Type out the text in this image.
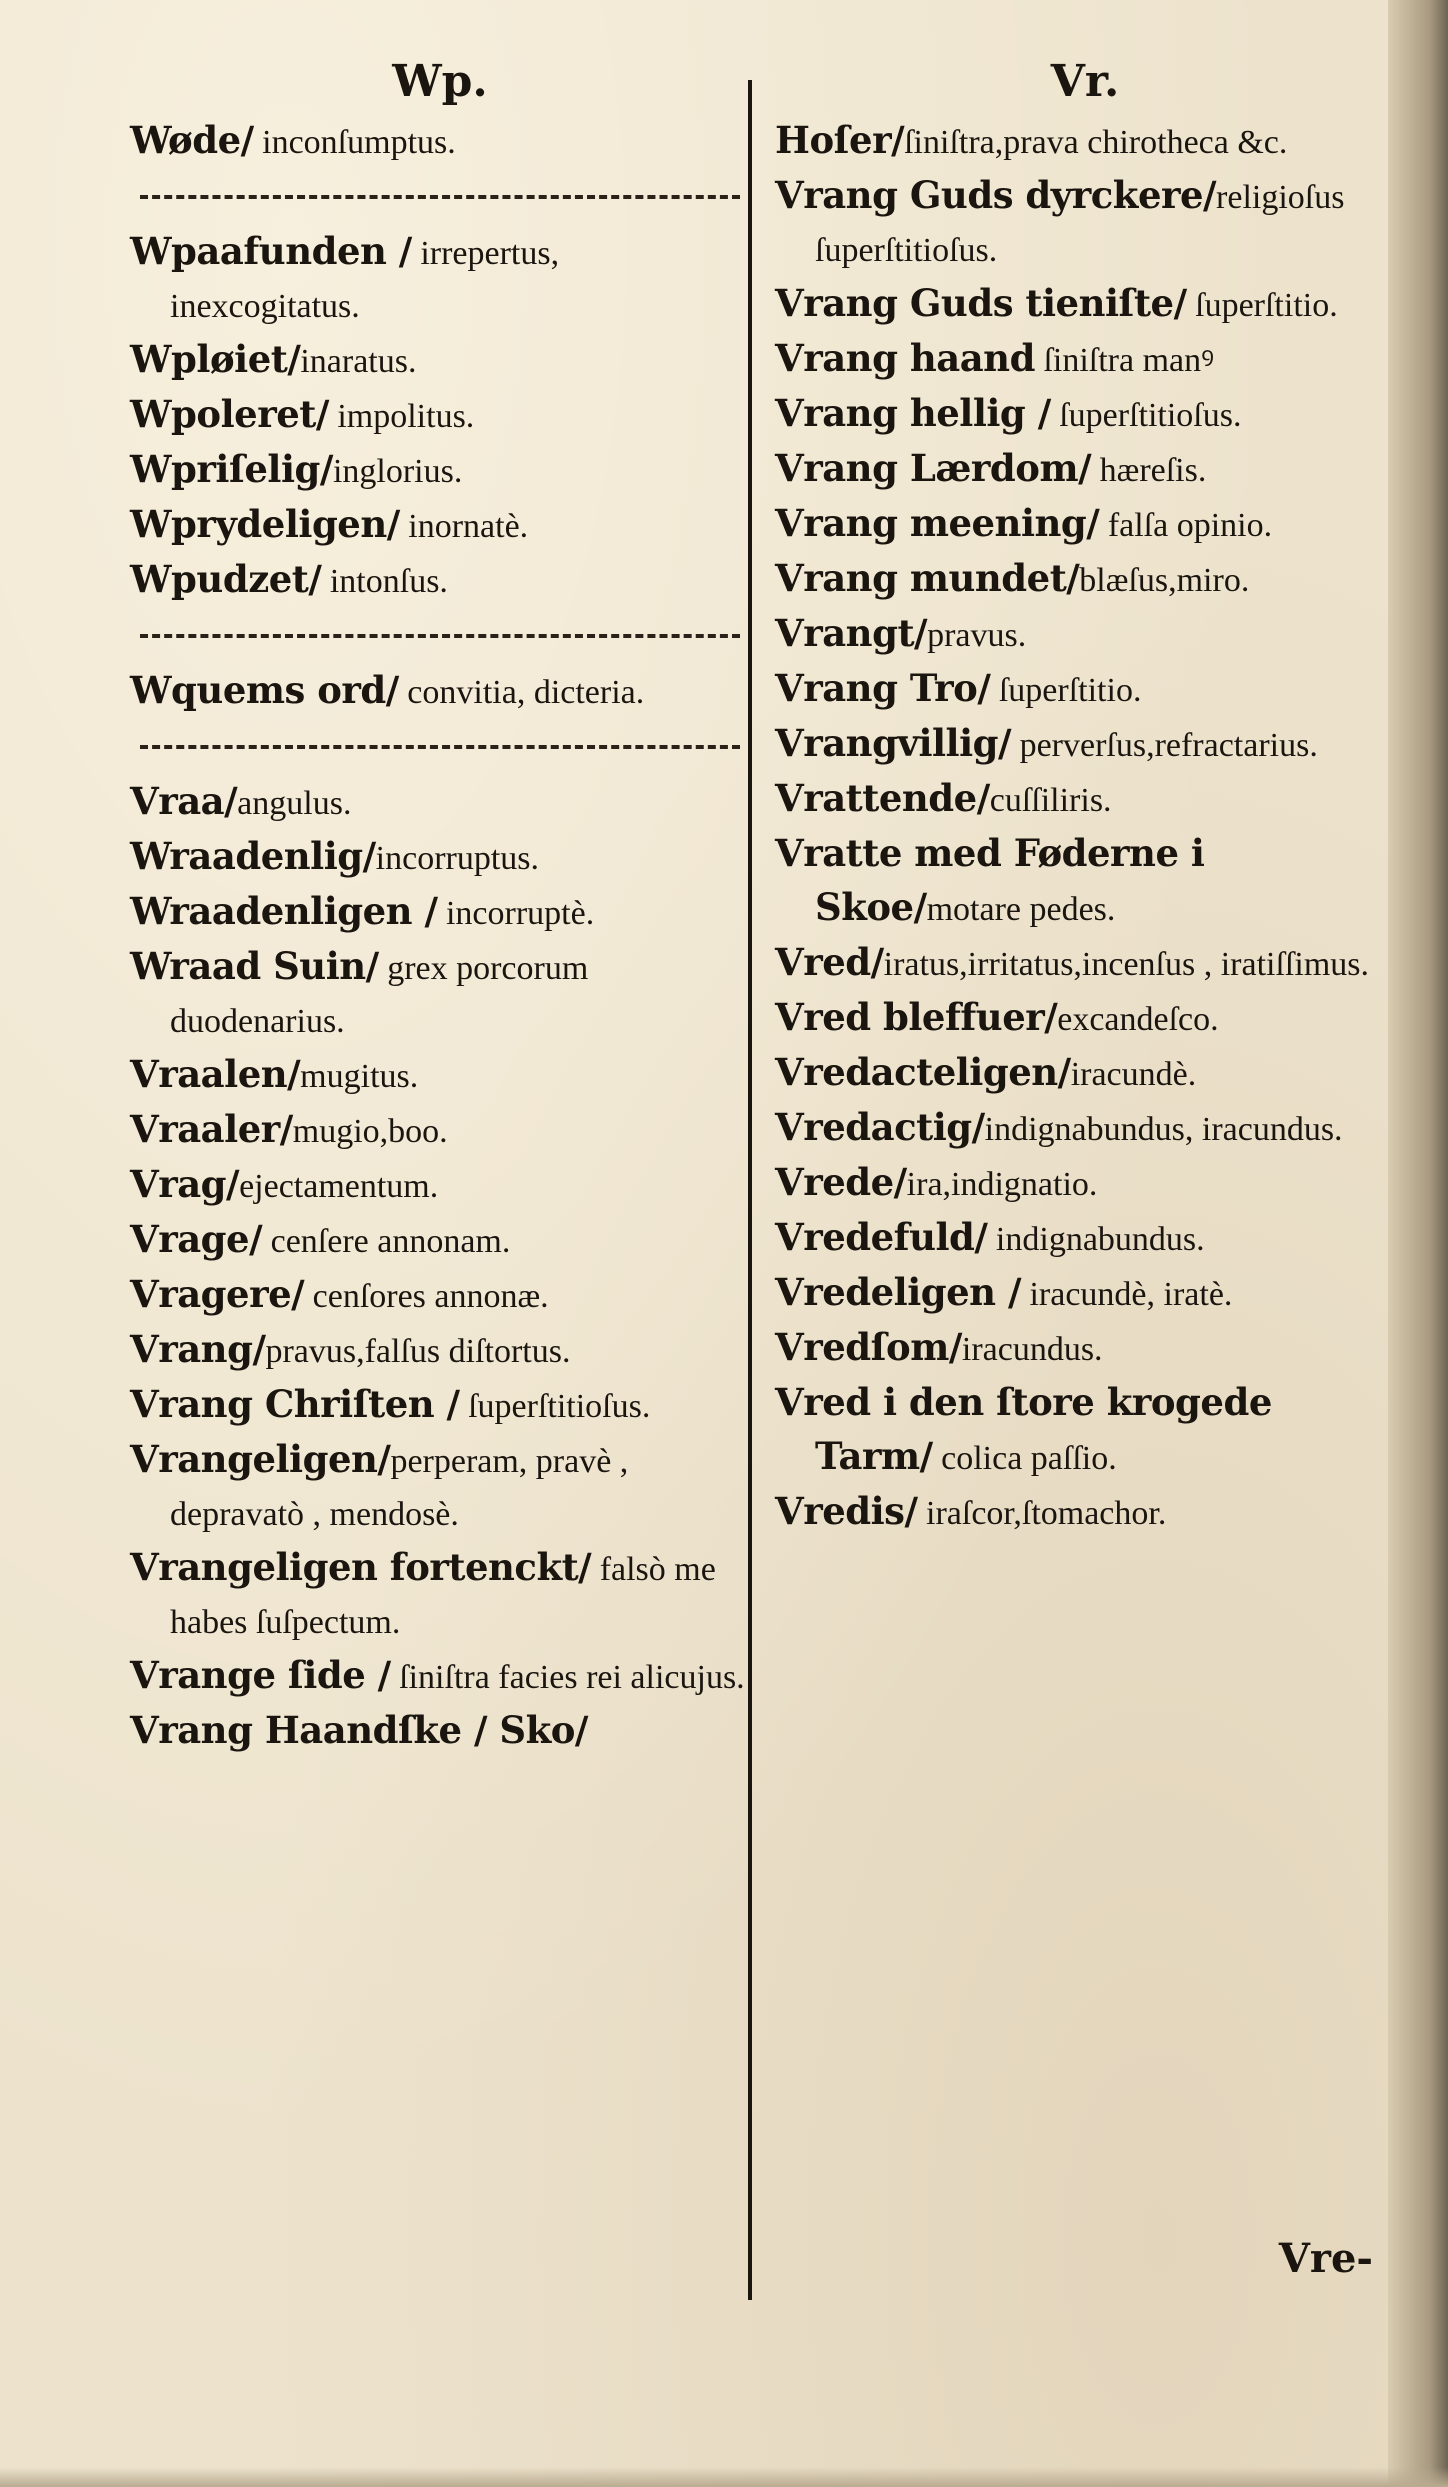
Wp.

Wøde/ inconſumptus.

Wpaafunden / irrepertus, inexcogitatus.

Wpløiet/inaratus.

Wpoleret/ impolitus.

Wpriſelig/inglorius.

Wprydeligen/ inornatè.

Wpudzet/ intonſus.

Wquems ord/ convitia, dicteria.

Vraa/angulus.

Wraadenlig/incorruptus.

Wraadenligen / incorruptè.

Wraad Suin/ grex porcorum duodenarius.

Vraalen/mugitus.

Vraaler/mugio,boo.

Vrag/ejectamentum.

Vrage/ cenſere annonam.

Vragere/ cenſores annonæ.

Vrang/pravus,falſus diſtortus.

Vrang Chriſten / ſuperſtitioſus.

Vrangeligen/perperam, pravè , depravatò , mendosè.

Vrangeligen fortenckt/ falsò me habes ſuſpectum.

Vrange ſide / ſiniſtra facies rei alicujus.

Vrang Haandſke / Sko/

Vr.

Hoſer/ſiniſtra,prava chirotheca &c.

Vrang Guds dyrckere/religioſus ſuperſtitioſus.

Vrang Guds tieniſte/ ſuperſtitio.

Vrang haand ſiniſtra manꝰ

Vrang hellig / ſuperſtitioſus.

Vrang Lærdom/ hæreſis.

Vrang meening/ falſa opinio.

Vrang mundet/blæſus,miro.

Vrangt/pravus.

Vrang Tro/ ſuperſtitio.

Vrangvillig/ perverſus,refractarius.

Vrattende/cuſſiliris.

Vratte med Føderne i Skoe/motare pedes.

Vred/iratus,irritatus,incenſus , iratiſſimus.

Vred bleffuer/excandeſco.

Vredacteligen/iracundè.

Vredactig/indignabundus, iracundus.

Vrede/ira,indignatio.

Vredefuld/ indignabundus.

Vredeligen / iracundè, iratè.

Vredſom/iracundus.

Vred i den ſtore krogede Tarm/ colica paſſio.

Vredis/ iraſcor,ſtomachor.

Vre-
